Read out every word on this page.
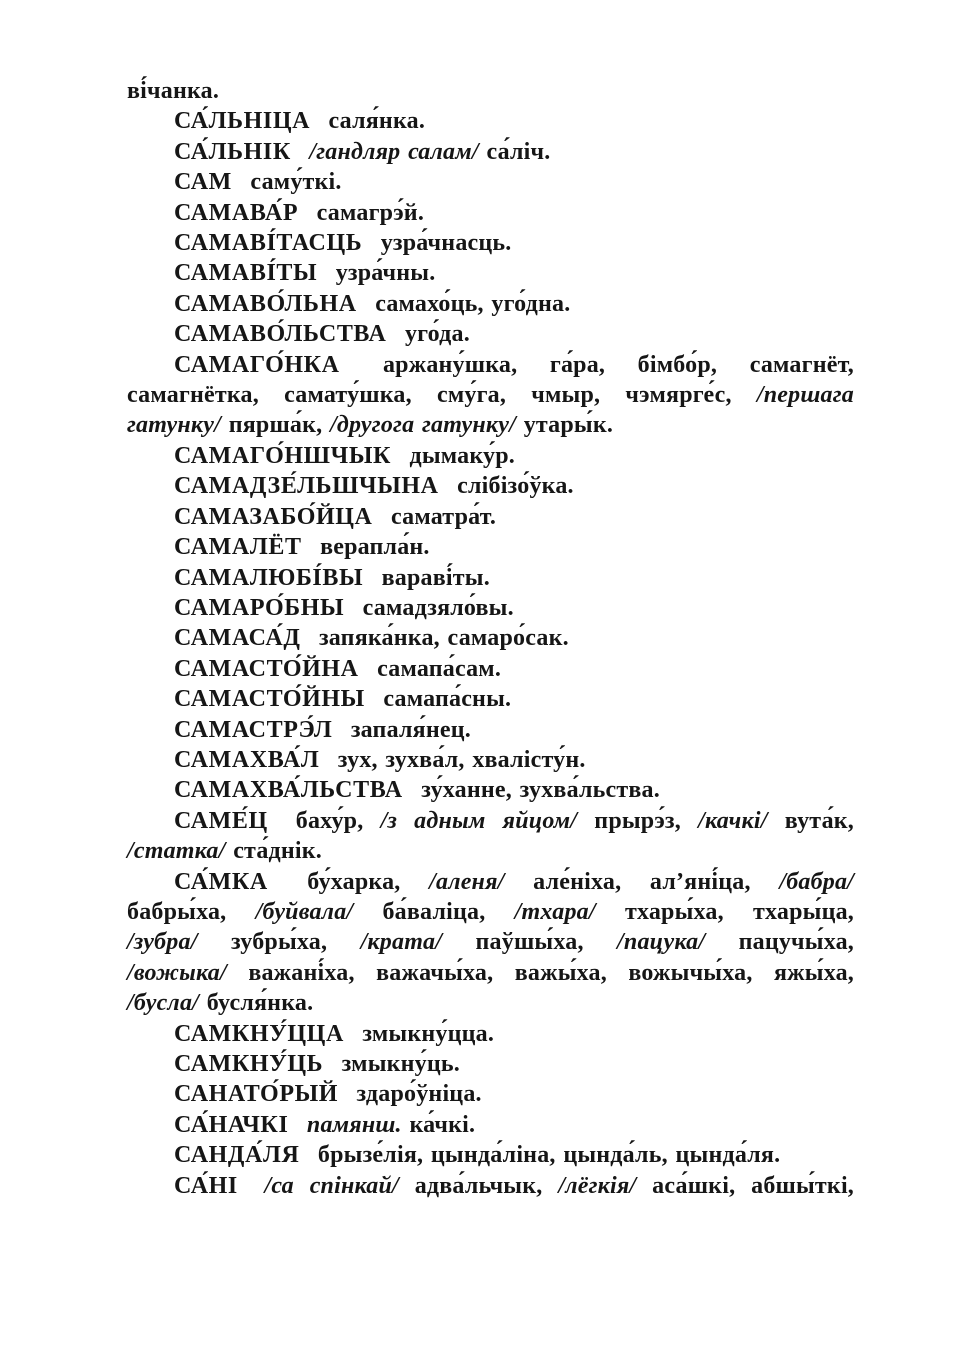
ві́чанка.
СА́ЛЬНІЦА саля́нка.
СА́ЛЬНІК /гандляр салам/ са́ліч.
САМ саму́ткі.
САМАВА́Р самагрэ́й.
САМАВІ́ТАСЦЬ узра́чнасць.
САМАВІ́ТЫ узра́чны.
САМАВО́ЛЬНА самахо́ць, уго́дна.
САМАВО́ЛЬСТВА уго́да.
САМАГО́НКА аржану́шка, га́ра, бімбо́р, самагнёт,
самагнётка, самату́шка, сму́га, чмыр, чэмярге́с, /першага
гатунку/ пярша́к, /другога гатунку/ утары́к.
САМАГО́НШЧЫК дымаку́р.
САМАДЗЕ́ЛЬШЧЫНА слібізо́ўка.
САМАЗАБО́ЙЦА саматра́т.
САМАЛЁТ верапла́н.
САМАЛЮБІ́ВЫ вараві́ты.
САМАРО́БНЫ самадзяло́вы.
САМАСА́Д запяка́нка, самаро́сак.
САМАСТО́ЙНА самапа́сам.
САМАСТО́ЙНЫ самапа́сны.
САМАСТРЭ́Л запаля́нец.
САМАХВА́Л зух, зухва́л, хвалісту́н.
САМАХВА́ЛЬСТВА зу́ханне, зухва́льства.
САМЕ́Ц баху́р, /з адным яйцом/ прырэ́з, /качкі/ вута́к,
/статка/ ста́днік.
СА́МКА бу́харка, /аленя/ але́ніха, ал’яні́ца, /бабра/
бабры́ха, /буйвала/ ба́валіца, /тхара/ тхары́ха, тхары́ца,
/зубра/ зубры́ха, /крата/ паўшы́ха, /пацука/ пацучы́ха,
/вожыка/ важані́ха, важачы́ха, важы́ха, вожычы́ха, яжы́ха,
/бусла/ бусля́нка.
САМКНУ́ЦЦА змыкну́цца.
САМКНУ́ЦЬ змыкну́ць.
САНАТО́РЫЙ здаро́ўніца.
СА́НАЧКІ памянш. ка́чкі.
САНДА́ЛЯ брызе́лія, цында́ліна, цында́ль, цында́ля.
СА́НІ /са спінкай/ адва́льчык, /лёгкія/ аса́шкі, абшы́ткі,
